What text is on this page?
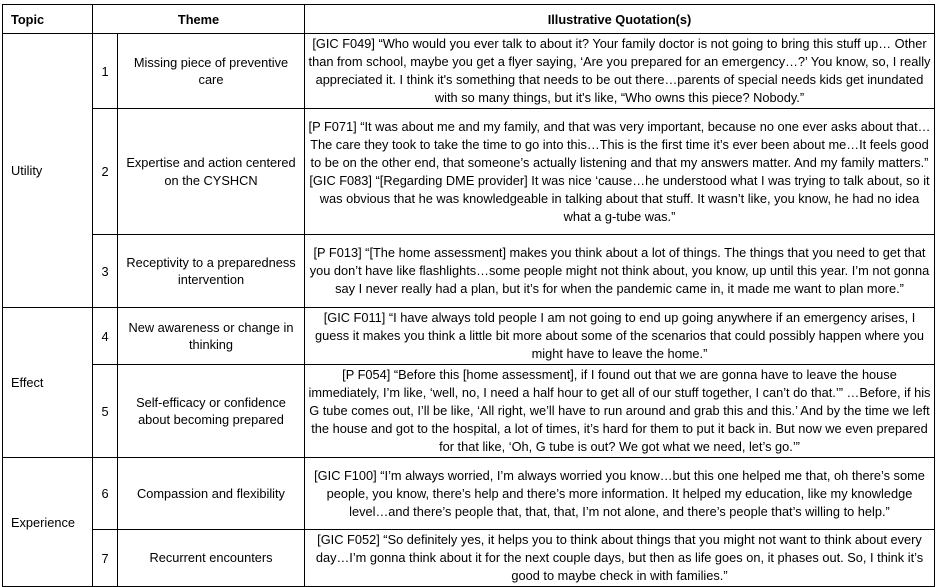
Topic	Theme		Illustrative Quotation(s)
Utility	1	Missing piece of preventive care	[GIC F049] “Who would you ever talk to about it? Your family doctor is not going to bring this stuff up… Other than from school, maybe you get a flyer saying, ‘Are you prepared for an emergency…?’ You know, so, I really appreciated it. I think it's something that needs to be out there…parents of special needs kids get inundated with so many things, but it's like, “Who owns this piece? Nobody.”

	2	Expertise and action centered on the CYSHCN	[P F071] “It was about me and my family, and that was very important, because no one ever asks about that…The care they took to take the time to go into this…This is the first time it’s ever been about me…It feels good to be on the other end, that someone’s actually listening and that my answers matter. And my family matters.”
[GIC F083] “[Regarding DME provider] It was nice ‘cause…he understood what I was trying to talk about, so it was obvious that he was knowledgeable in talking about that stuff. It wasn’t like, you know, he had no idea what a g-tube was.”

	3	Receptivity to a preparedness intervention	[P F013] “[The home assessment] makes you think about a lot of things. The things that you need to get that you don’t have like flashlights…some people might not think about, you know, up until this year. I’m not gonna say I never really had a plan, but it’s for when the pandemic came in, it made me want to plan more.”

Effect	4	New awareness or change in thinking	[GIC F011] “I have always told people I am not going to end up going anywhere if an emergency arises, I guess it makes you think a little bit more about some of the scenarios that could possibly happen where you might have to leave the home.”

	5	Self-efficacy or confidence about becoming prepared	[P F054] “Before this [home assessment], if I found out that we are gonna have to leave the house immediately, I’m like, ‘well, no, I need a half hour to get all of our stuff together, I can’t do that.’” …Before, if his G tube comes out, I’ll be like, ‘All right, we’ll have to run around and grab this and this.’ And by the time we left the house and got to the hospital, a lot of times, it’s hard for them to put it back in. But now we even prepared for that like, ‘Oh, G tube is out? We got what we need, let’s go.’”

Experience	6	Compassion and flexibility	[GIC F100] “I’m always worried, I’m always worried you know…but this one helped me that, oh there’s some people, you know, there’s help and there’s more information. It helped my education, like my knowledge level…and there’s people that, that, that, I’m not alone, and there’s people that’s willing to help.”

	7	Recurrent encounters	[GIC F052] “So definitely yes, it helps you to think about things that you might not want to think about every day…I’m gonna think about it for the next couple days, but then as life goes on, it phases out. So, I think it’s good to maybe check in with families.”
